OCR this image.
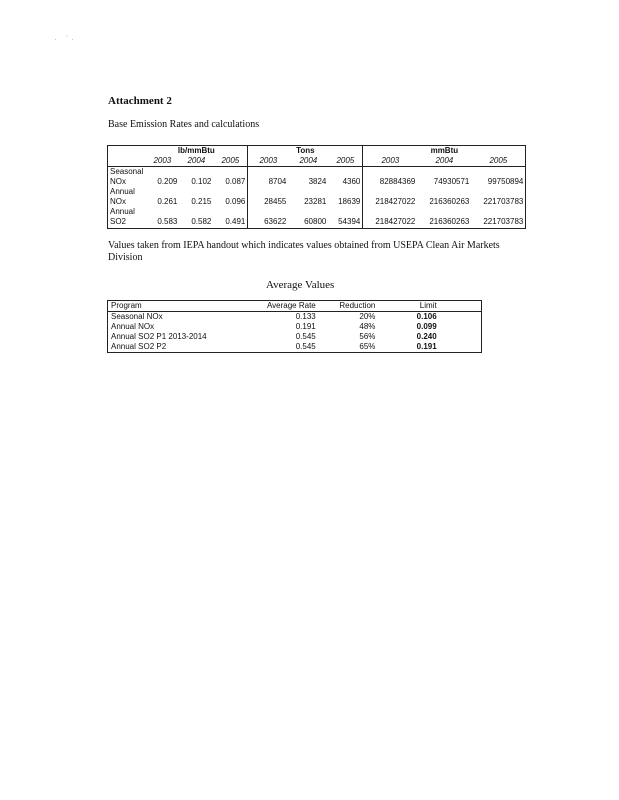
. `.
Attachment 2
Base Emission Rates and calculations
	lb/mmBtu			Tons			mmBtu		
	2003	2004	2005	2003	2004	2005	2003	2004	2005
Seasonal									
NOx	0.209	0.102	0.087	8704	3824	4360	82884369	74930571	99750894
Annual									
NOx	0.261	0.215	0.096	28455	23281	18639	218427022	216360263	221703783
Annual									
SO2	0.583	0.582	0.491	63622	60800	54394	218427022	216360263	221703783
Values taken from IEPA handout which indicates values obtained from USEPA Clean Air Markets Division
Average Values
Program	Average Rate	Reduction	Limit	
Seasonal NOx	0.133	20%	0.106	
Annual NOx	0.191	48%	0.099	
Annual SO2 P1 2013-2014	0.545	56%	0.240	
Annual SO2 P2	0.545	65%	0.191	
